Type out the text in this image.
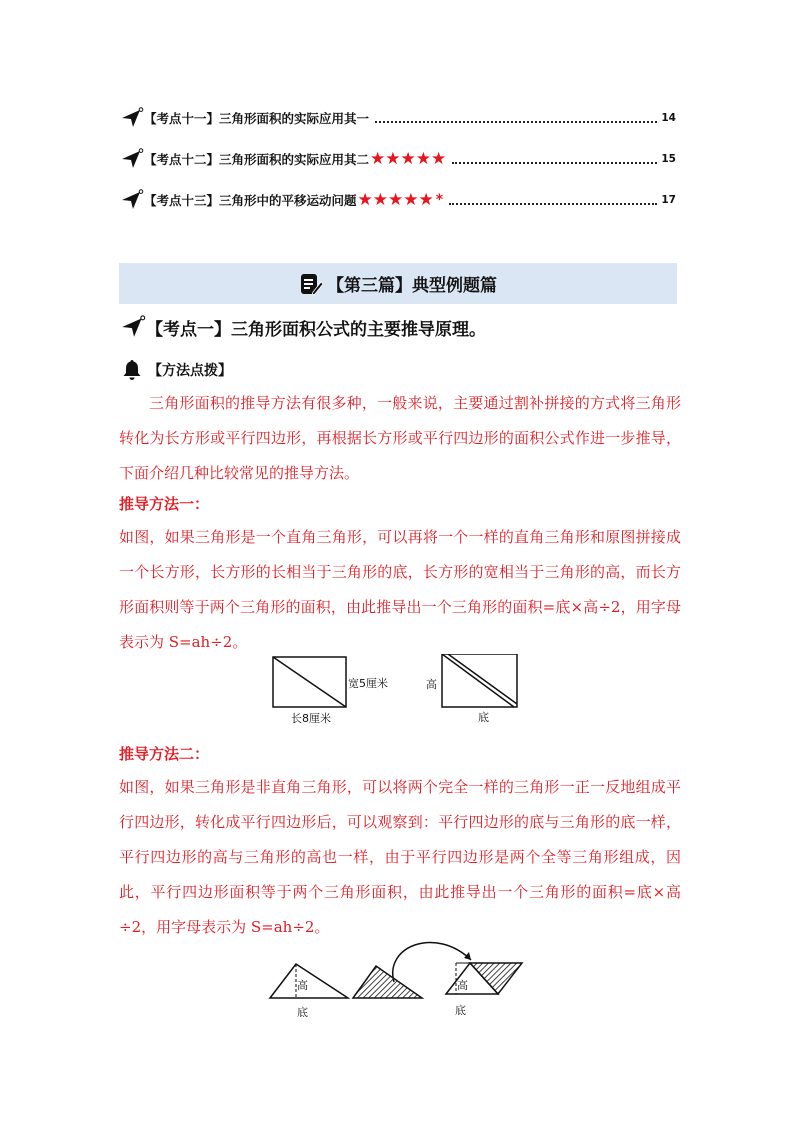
【考点十一】三角形面积的实际应用其一	14
【考点十二】三角形面积的实际应用其二 ★★★★★	15
【考点十三】三角形中的平移运动问题 ★★★★★ *	17
【第三篇】典型例题篇
【考点一】三角形面积公式的主要推导原理。
【方法点拨】
三角形面积的推导方法有很多种，一般来说，主要通过割补拼接的方式将三角形转化为长方形或平行四边形，再根据长方形或平行四边形的面积公式作进一步推导，下面介绍几种比较常见的推导方法。
推导方法一：
如图，如果三角形是一个直角三角形，可以再将一个一样的直角三角形和原图拼接成一个长方形，长方形的长相当于三角形的底，长方形的宽相当于三角形的高，而长方形面积则等于两个三角形的面积，由此推导出一个三角形的面积=底×高÷2，用字母表示为 S=ah÷2。
宽5厘米
长8厘米
高
底
推导方法二：
如图，如果三角形是非直角三角形，可以将两个完全一样的三角形一正一反地组成平行四边形，转化成平行四边形后，可以观察到：平行四边形的底与三角形的底一样，平行四边形的高与三角形的高也一样，由于平行四边形是两个全等三角形组成，因此，平行四边形面积等于两个三角形面积，由此推导出一个三角形的面积=底×高÷2，用字母表示为 S=ah÷2。
高
底
高
底
